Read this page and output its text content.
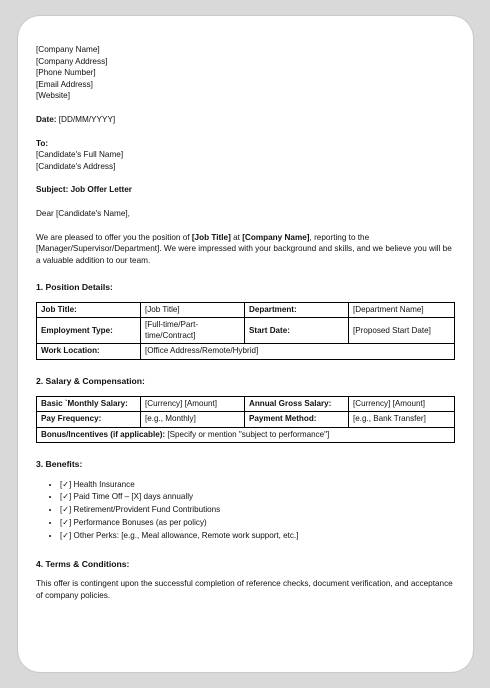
[Company Name]
[Company Address]
[Phone Number]
[Email Address]
[Website]
Date: [DD/MM/YYYY]
To:
[Candidate's Full Name]
[Candidate's Address]
Subject: Job Offer Letter
Dear [Candidate's Name],

We are pleased to offer you the position of [Job Title] at [Company Name], reporting to the [Manager/Supervisor/Department]. We were impressed with your background and skills, and we believe you will be a valuable addition to our team.

1. Position Details:
Job Title:	[Job Title]	Department:	[Department Name]
Employment Type:	[Full-time/Part-time/Contract]	Start Date:	[Proposed Start Date]
Work Location:	[Office Address/Remote/Hybrid]		
2. Salary & Compensation:
Basic `Monthly Salary:	[Currency] [Amount]	Annual Gross Salary:	[Currency] [Amount]
Pay Frequency:	[e.g., Monthly]	Payment Method:	[e.g., Bank Transfer]
Bonus/Incentives (if applicable): [Specify or mention "subject to performance"]			
3. Benefits:
• [✓] Health Insurance
• [✓] Paid Time Off – [X] days annually
• [✓] Retirement/Provident Fund Contributions
• [✓] Performance Bonuses (as per policy)
• [✓] Other Perks: [e.g., Meal allowance, Remote work support, etc.]
4. Terms & Conditions:

This offer is contingent upon the successful completion of reference checks, document verification, and acceptance of company policies.
